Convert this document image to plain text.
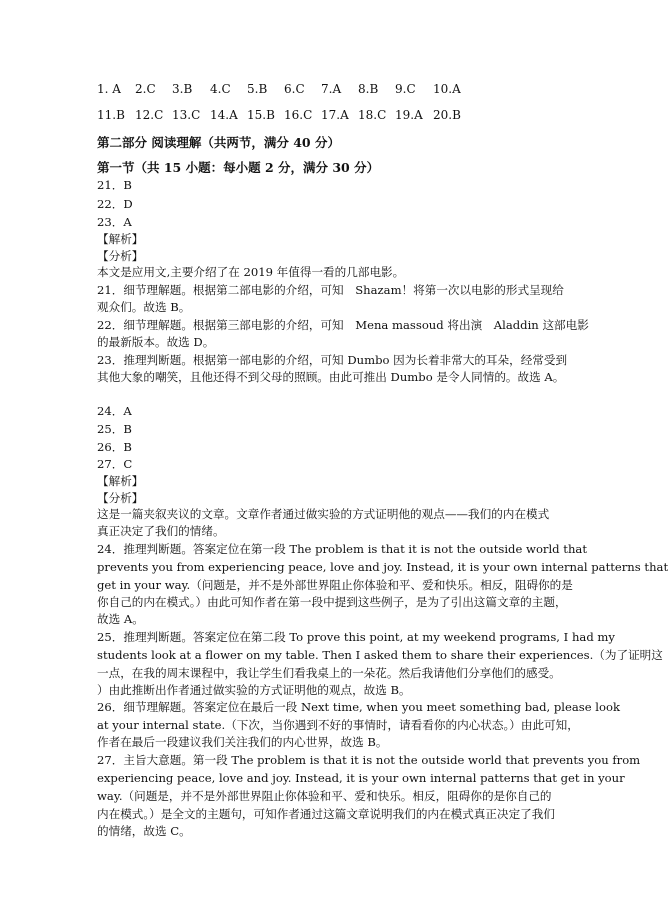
1. A 2.C 3.B 4.C 5.B 6.C 7.A 8.B 9.C 10.A
11.B 12.C 13.C 14.A 15.B 16.C 17.A 18.C 19.A 20.B
第二部分 阅读理解（共两节，满分 40 分）
第一节（共 15 小题：每小题 2 分，满分 30 分）
21．B
22．D
23．A
【解析】
【分析】
本文是应用文,主要介绍了在 2019 年值得一看的几部电影。
21．细节理解题。根据第二部电影的介绍，可知　Shazam！将第一次以电影的形式呈现给
观众们。故选 B。
22．细节理解题。根据第三部电影的介绍，可知　Mena massoud 将出演　Aladdin 这部电影
的最新版本。故选 D。
23．推理判断题。根据第一部电影的介绍，可知 Dumbo 因为长着非常大的耳朵，经常受到
其他大象的嘲笑，且他还得不到父母的照顾。由此可推出 Dumbo 是令人同情的。故选 A。
24．A
25．B
26．B
27．C
【解析】
【分析】
这是一篇夹叙夹议的文章。文章作者通过做实验的方式证明他的观点——我们的内在模式
真正决定了我们的情绪。
24．推理判断题。答案定位在第一段 The problem is that it is not the outside world that
prevents you from experiencing peace, love and joy. Instead, it is your own internal patterns that
get in your way.（问题是，并不是外部世界阻止你体验和平、爱和快乐。相反，阻碍你的是
你自己的内在模式。）由此可知作者在第一段中提到这些例子，是为了引出这篇文章的主题，
故选 A。
25．推理判断题。答案定位在第二段 To prove this point, at my weekend programs, I had my
students look at a flower on my table. Then I asked them to share their experiences.（为了证明这
一点，在我的周末课程中，我让学生们看我桌上的一朵花。然后我请他们分享他们的感受。
）由此推断出作者通过做实验的方式证明他的观点，故选 B。
26．细节理解题。答案定位在最后一段 Next time, when you meet something bad, please look
at your internal state.（下次，当你遇到不好的事情时，请看看你的内心状态。）由此可知，
作者在最后一段建议我们关注我们的内心世界，故选 B。
27．主旨大意题。第一段 The problem is that it is not the outside world that prevents you from
experiencing peace, love and joy. Instead, it is your own internal patterns that get in your
way.（问题是，并不是外部世界阻止你体验和平、爱和快乐。相反，阻碍你的是你自己的
内在模式。）是全文的主题句，可知作者通过这篇文章说明我们的内在模式真正决定了我们
的情绪，故选 C。
